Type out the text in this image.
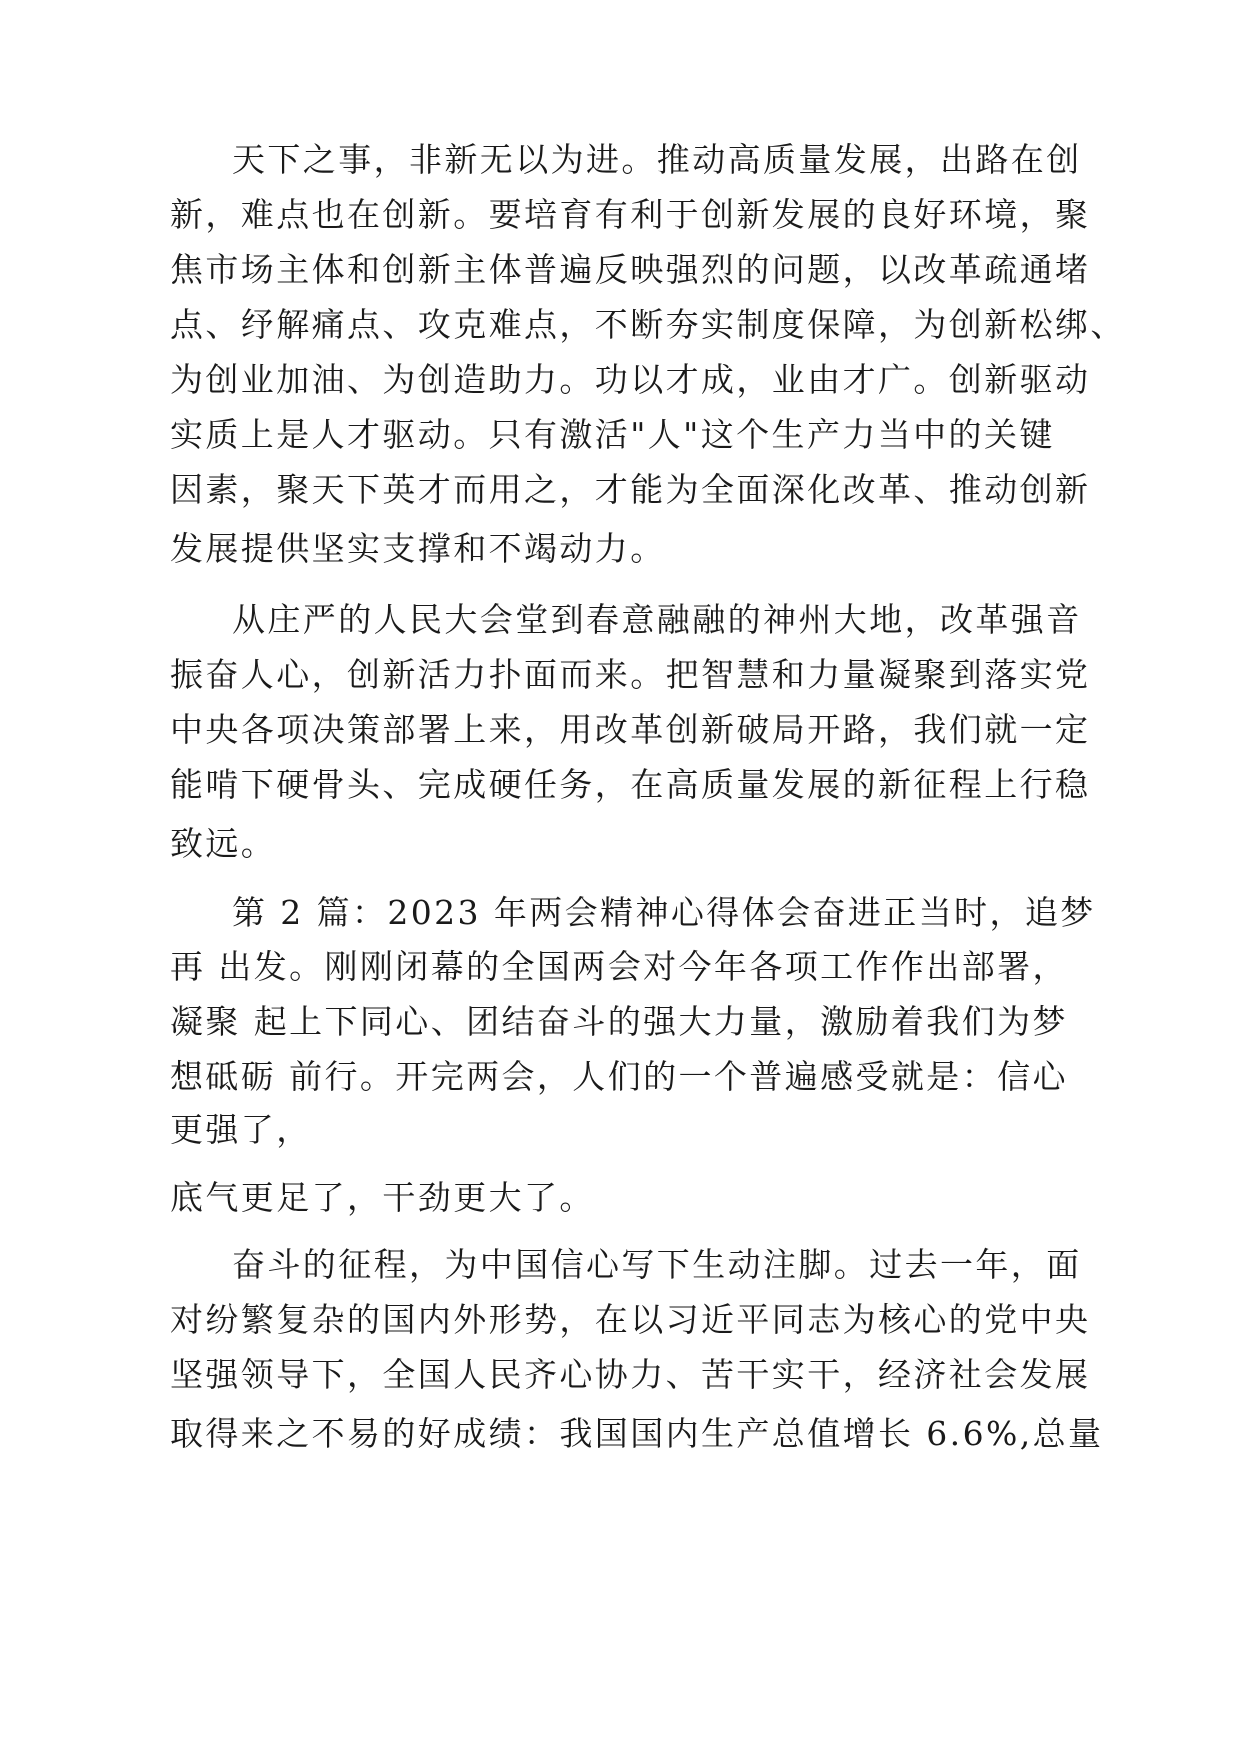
天下之事，非新无以为进。推动高质量发展，出路在创

新，难点也在创新。要培育有利于创新发展的良好环境，聚

焦市场主体和创新主体普遍反映强烈的问题，以改革疏通堵

点、纾解痛点、攻克难点，不断夯实制度保障，为创新松绑、

为创业加油、为创造助力。功以才成，业由才广。创新驱动

实质上是人才驱动。只有激活"人"这个生产力当中的关键

因素，聚天下英才而用之，才能为全面深化改革、推动创新

发展提供坚实支撑和不竭动力。

从庄严的人民大会堂到春意融融的神州大地，改革强音

振奋人心，创新活力扑面而来。把智慧和力量凝聚到落实党

中央各项决策部署上来，用改革创新破局开路，我们就一定

能啃下硬骨头、完成硬任务，在高质量发展的新征程上行稳

致远。

第 2 篇：2023 年两会精神心得体会奋进正当时，追梦

再 出发。刚刚闭幕的全国两会对今年各项工作作出部署，

凝聚 起上下同心、团结奋斗的强大力量，激励着我们为梦

想砥砺 前行。开完两会，人们的一个普遍感受就是：信心

更强了，

底气更足了，干劲更大了。

奋斗的征程，为中国信心写下生动注脚。过去一年，面

对纷繁复杂的国内外形势，在以习近平同志为核心的党中央

坚强领导下，全国人民齐心协力、苦干实干，经济社会发展

取得来之不易的好成绩：我国国内生产总值增长 6.6%,总量
